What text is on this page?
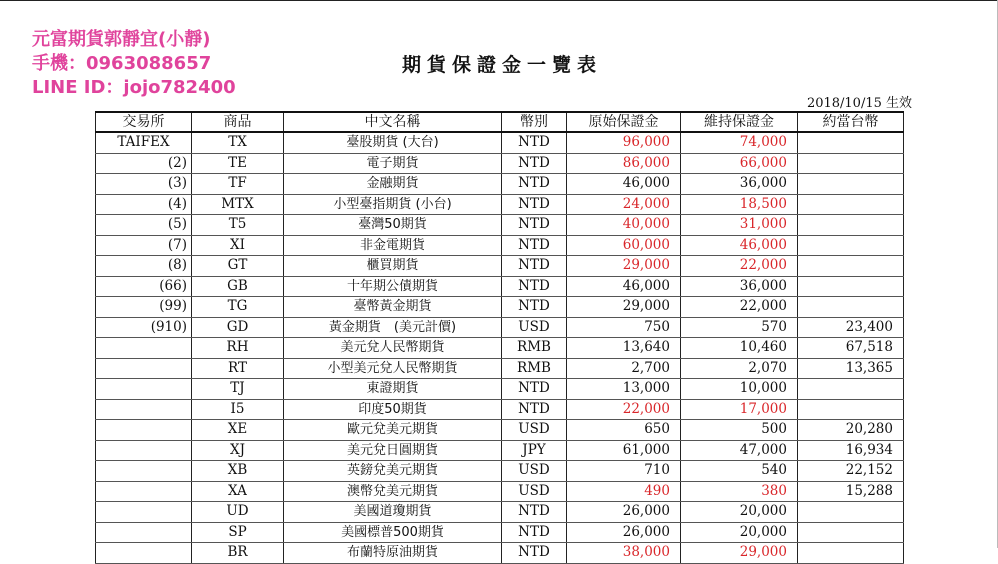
元富期貨郭靜宜(小靜)
手機：0963088657
LINE ID：jojo782400
期貨保證金一覽表
2018/10/15 生效
交易所	商品	中文名稱	幣別	原始保證金	維持保證金	約當台幣
TAIFEX	TX	臺股期貨 (大台)	NTD	96,000	74,000	
(2)	TE	電子期貨	NTD	86,000	66,000	
(3)	TF	金融期貨	NTD	46,000	36,000	
(4)	MTX	小型臺指期貨 (小台)	NTD	24,000	18,500	
(5)	T5	臺灣50期貨	NTD	40,000	31,000	
(7)	XI	非金電期貨	NTD	60,000	46,000	
(8)	GT	櫃買期貨	NTD	29,000	22,000	
(66)	GB	十年期公債期貨	NTD	46,000	36,000	
(99)	TG	臺幣黃金期貨	NTD	29,000	22,000	
(910)	GD	黃金期貨　(美元計價)	USD	750	570	23,400
	RH	美元兌人民幣期貨	RMB	13,640	10,460	67,518
	RT	小型美元兌人民幣期貨	RMB	2,700	2,070	13,365
	TJ	東證期貨	NTD	13,000	10,000	
	I5	印度50期貨	NTD	22,000	17,000	
	XE	歐元兌美元期貨	USD	650	500	20,280
	XJ	美元兌日圓期貨	JPY	61,000	47,000	16,934
	XB	英鎊兌美元期貨	USD	710	540	22,152
	XA	澳幣兌美元期貨	USD	490	380	15,288
	UD	美國道瓊期貨	NTD	26,000	20,000	
	SP	美國標普500期貨	NTD	26,000	20,000	
	BR	布蘭特原油期貨	NTD	38,000	29,000	
